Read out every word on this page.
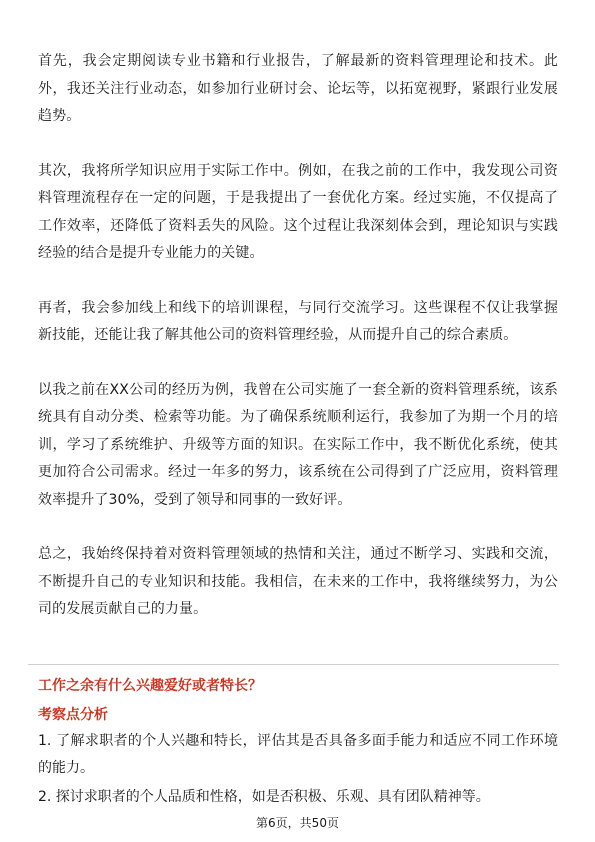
首先，我会定期阅读专业书籍和行业报告，了解最新的资料管理理论和技术。此外，我还关注行业动态，如参加行业研讨会、论坛等，以拓宽视野，紧跟行业发展趋势。

其次，我将所学知识应用于实际工作中。例如，在我之前的工作中，我发现公司资料管理流程存在一定的问题，于是我提出了一套优化方案。经过实施，不仅提高了工作效率，还降低了资料丢失的风险。这个过程让我深刻体会到，理论知识与实践经验的结合是提升专业能力的关键。

再者，我会参加线上和线下的培训课程，与同行交流学习。这些课程不仅让我掌握新技能，还能让我了解其他公司的资料管理经验，从而提升自己的综合素质。

以我之前在XX公司的经历为例，我曾在公司实施了一套全新的资料管理系统，该系统具有自动分类、检索等功能。为了确保系统顺利运行，我参加了为期一个月的培训，学习了系统维护、升级等方面的知识。在实际工作中，我不断优化系统，使其更加符合公司需求。经过一年多的努力，该系统在公司得到了广泛应用，资料管理效率提升了30%，受到了领导和同事的一致好评。

总之，我始终保持着对资料管理领域的热情和关注，通过不断学习、实践和交流，不断提升自己的专业知识和技能。我相信，在未来的工作中，我将继续努力，为公司的发展贡献自己的力量。

工作之余有什么兴趣爱好或者特长？
考察点分析
1. 了解求职者的个人兴趣和特长，评估其是否具备多面手能力和适应不同工作环境的能力。
2. 探讨求职者的个人品质和性格，如是否积极、乐观、具有团队精神等。
第6页，共50页
